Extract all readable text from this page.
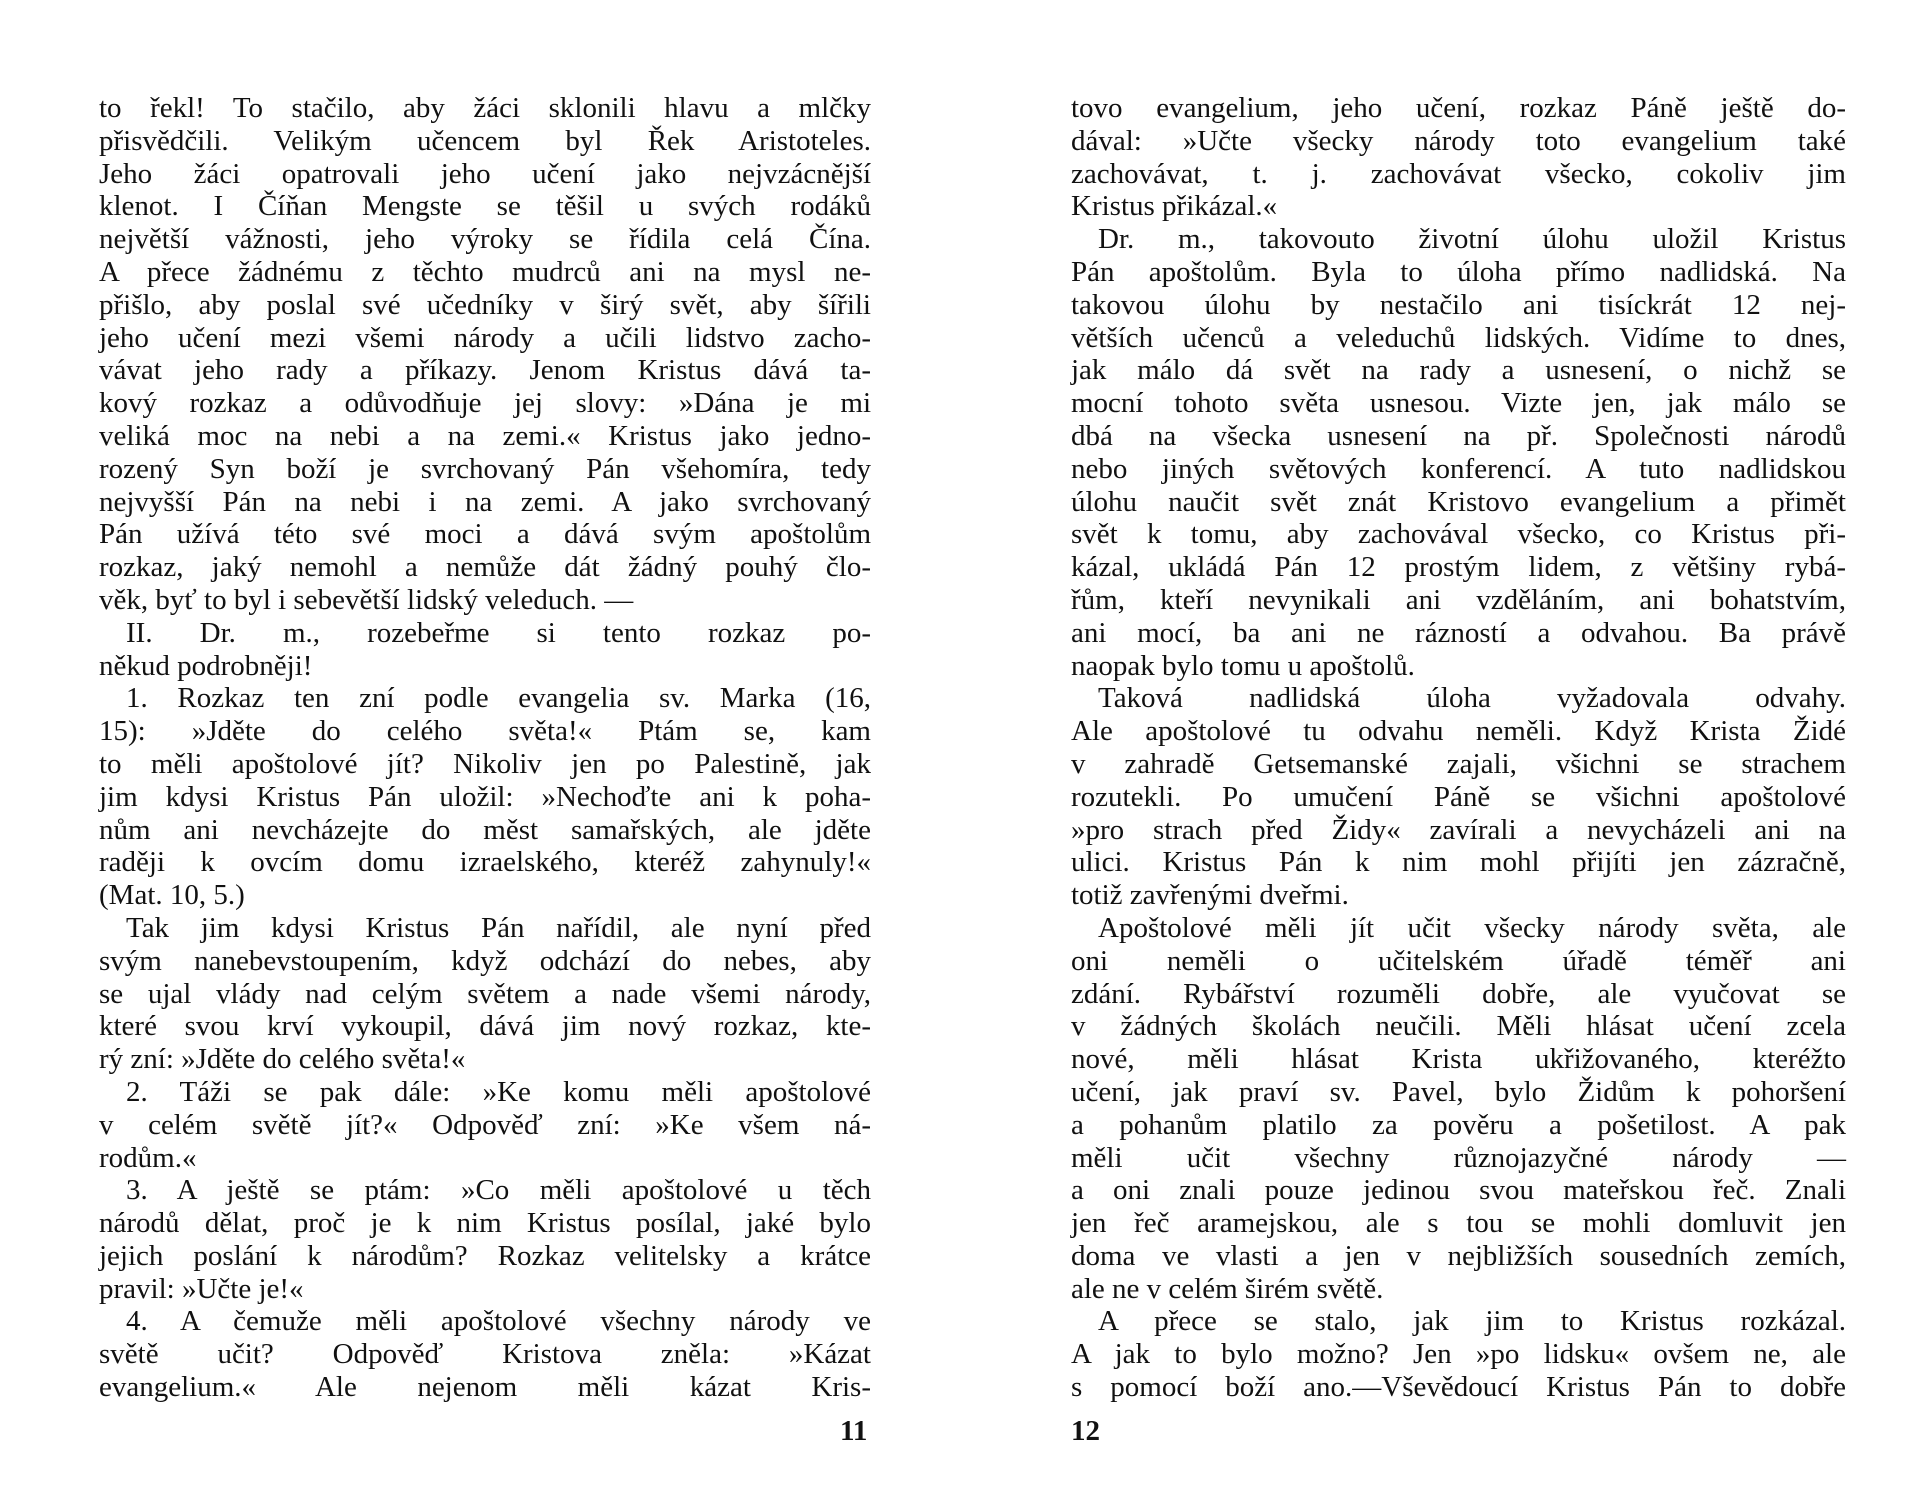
to řekl! To stačilo, aby žáci sklonili hlavu a mlčky
přisvědčili. Velikým učencem byl Řek Aristoteles.
Jeho žáci opatrovali jeho učení jako nejvzácnější
klenot. I Číňan Mengste se těšil u svých rodáků
největší vážnosti, jeho výroky se řídila celá Čína.
A přece žádnému z těchto mudrců ani na mysl ne-
přišlo, aby poslal své učedníky v širý svět, aby šířili
jeho učení mezi všemi národy a učili lidstvo zacho-
vávat jeho rady a příkazy. Jenom Kristus dává ta-
kový rozkaz a odůvodňuje jej slovy: »Dána je mi
veliká moc na nebi a na zemi.« Kristus jako jedno-
rozený Syn boží je svrchovaný Pán všehomíra, tedy
nejvyšší Pán na nebi i na zemi. A jako svrchovaný
Pán užívá této své moci a dává svým apoštolům
rozkaz, jaký nemohl a nemůže dát žádný pouhý člo-
věk, byť to byl i sebevětší lidský veleduch. —
II. Dr. m., rozebeřme si tento rozkaz po-
někud podrobněji!
1. Rozkaz ten zní podle evangelia sv. Marka (16,
15): »Jděte do celého světa!« Ptám se, kam
to měli apoštolové jít? Nikoliv jen po Palestině, jak
jim kdysi Kristus Pán uložil: »Nechoďte ani k poha-
nům ani nevcházejte do měst samařských, ale jděte
raději k ovcím domu izraelského, kteréž zahynuly!«
(Mat. 10, 5.)
Tak jim kdysi Kristus Pán nařídil, ale nyní před
svým nanebevstoupením, když odchází do nebes, aby
se ujal vlády nad celým světem a nade všemi národy,
které svou krví vykoupil, dává jim nový rozkaz, kte-
rý zní: »Jděte do celého světa!«
2. Táži se pak dále: »Ke komu měli apoštolové
v celém světě jít?« Odpověď zní: »Ke všem ná-
rodům.«
3. A ještě se ptám: »Co měli apoštolové u těch
národů dělat, proč je k nim Kristus posílal, jaké bylo
jejich poslání k národům? Rozkaz velitelsky a krátce
pravil: »Učte je!«
4. A čemuže měli apoštolové všechny národy ve
světě učit? Odpověď Kristova zněla: »Kázat
evangelium.« Ale nejenom měli kázat Kris-
11
tovo evangelium, jeho učení, rozkaz Páně ještě do-
dával: »Učte všecky národy toto evangelium také
zachovávat, t. j. zachovávat všecko, cokoliv jim
Kristus přikázal.«
Dr. m., takovouto životní úlohu uložil Kristus
Pán apoštolům. Byla to úloha přímo nadlidská. Na
takovou úlohu by nestačilo ani tisíckrát 12 nej-
větších učenců a veleduchů lidských. Vidíme to dnes,
jak málo dá svět na rady a usnesení, o nichž se
mocní tohoto světa usnesou. Vizte jen, jak málo se
dbá na všecka usnesení na př. Společnosti národů
nebo jiných světových konferencí. A tuto nadlidskou
úlohu naučit svět znát Kristovo evangelium a přimět
svět k tomu, aby zachovával všecko, co Kristus při-
kázal, ukládá Pán 12 prostým lidem, z většiny rybá-
řům, kteří nevynikali ani vzděláním, ani bohatstvím,
ani mocí, ba ani ne rázností a odvahou. Ba právě
naopak bylo tomu u apoštolů.
Taková nadlidská úloha vyžadovala odvahy.
Ale apoštolové tu odvahu neměli. Když Krista Židé
v zahradě Getsemanské zajali, všichni se strachem
rozutekli. Po umučení Páně se všichni apoštolové
»pro strach před Židy« zavírali a nevycházeli ani na
ulici. Kristus Pán k nim mohl přijíti jen zázračně,
totiž zavřenými dveřmi.
Apoštolové měli jít učit všecky národy světa, ale
oni neměli o učitelském úřadě téměř ani
zdání. Rybářství rozuměli dobře, ale vyučovat se
v žádných školách neučili. Měli hlásat učení zcela
nové, měli hlásat Krista ukřižovaného, kteréžto
učení, jak praví sv. Pavel, bylo Židům k pohoršení
a pohanům platilo za pověru a pošetilost. A pak
měli učit všechny různojazyčné národy —
a oni znali pouze jedinou svou mateřskou řeč. Znali
jen řeč aramejskou, ale s tou se mohli domluvit jen
doma ve vlasti a jen v nejbližších sousedních zemích,
ale ne v celém širém světě.
A přece se stalo, jak jim to Kristus rozkázal.
A jak to bylo možno? Jen »po lidsku« ovšem ne, ale
s pomocí boží ano.—Vševědoucí Kristus Pán to dobře
12
